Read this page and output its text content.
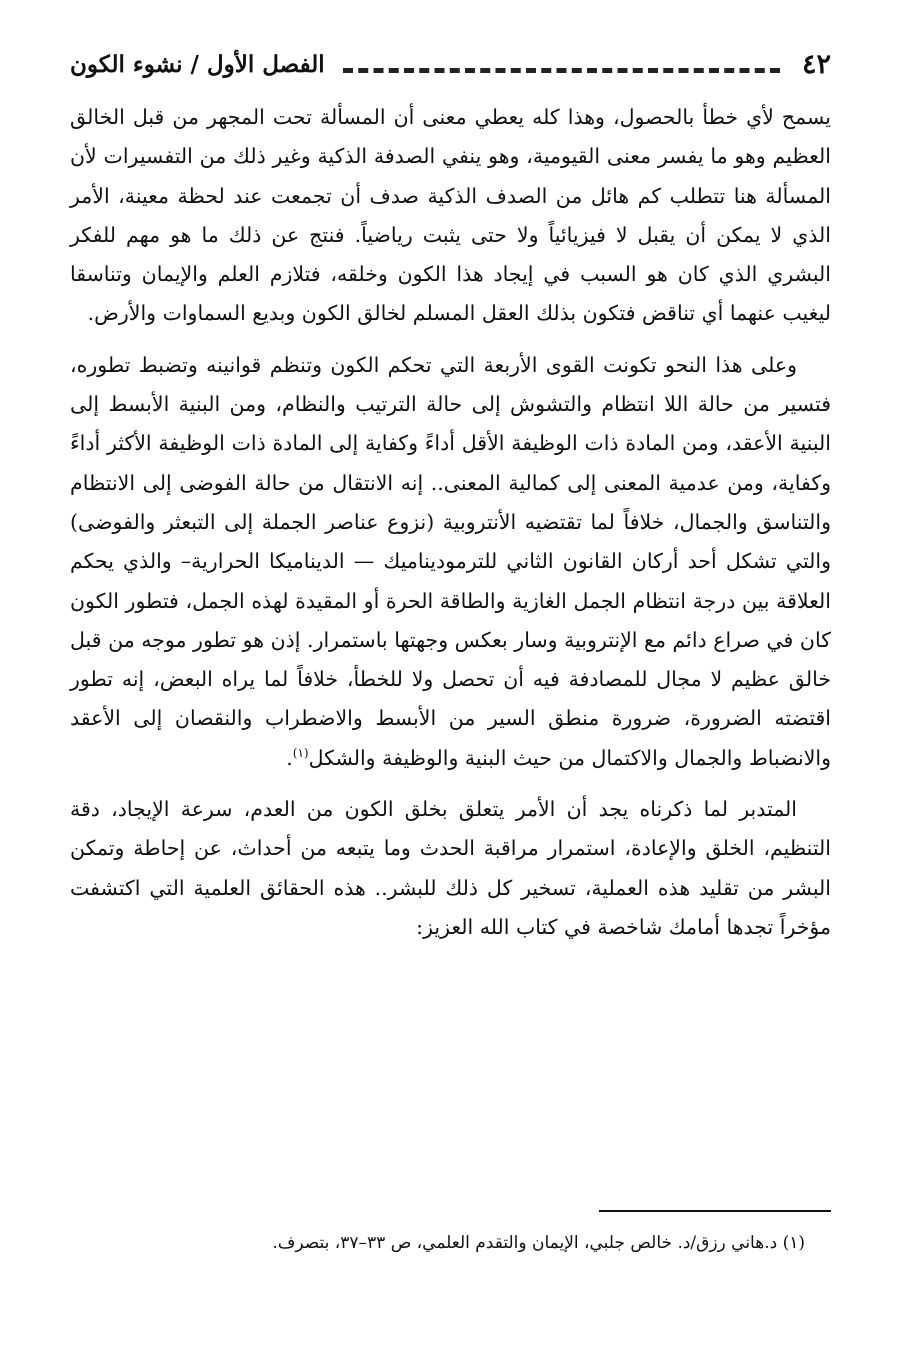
٤٢
الفصل الأول / نشوء الكون

يسمح لأي خطأ بالحصول، وهذا كله يعطي معنى أن المسألة تحت المجهر من قبل الخالق العظيم وهو ما يفسر معنى القيومية، وهو ينفي الصدفة الذكية وغير ذلك من التفسيرات لأن المسألة هنا تتطلب كم هائل من الصدف الذكية صدف أن تجمعت عند لحظة معينة، الأمر الذي لا يمكن أن يقبل لا فيزيائياً ولا حتى يثبت رياضياً. فنتج عن ذلك ما هو مهم للفكر البشري الذي كان هو السبب في إيجاد هذا الكون وخلقه، فتلازم العلم والإيمان وتناسقا ليغيب عنهما أي تناقض فتكون بذلك العقل المسلم لخالق الكون وبديع السماوات والأرض.

وعلى هذا النحو تكونت القوى الأربعة التي تحكم الكون وتنظم قوانينه وتضبط تطوره، فتسير من حالة اللا انتظام والتشوش إلى حالة الترتيب والنظام، ومن البنية الأبسط إلى البنية الأعقد، ومن المادة ذات الوظيفة الأقل أداءً وكفاية إلى المادة ذات الوظيفة الأكثر أداءً وكفاية، ومن عدمية المعنى إلى كمالية المعنى.. إنه الانتقال من حالة الفوضى إلى الانتظام والتناسق والجمال، خلافاً لما تقتضيه الأنتروبية (نزوع عناصر الجملة إلى التبعثر والفوضى) والتي تشكل أحد أركان القانون الثاني للترموديناميك — الديناميكا الحرارية– والذي يحكم العلاقة بين درجة انتظام الجمل الغازية والطاقة الحرة أو المقيدة لهذه الجمل، فتطور الكون كان في صراع دائم مع الإنتروبية وسار بعكس وجهتها باستمرار. إذن هو تطور موجه من قبل خالق عظيم لا مجال للمصادفة فيه أن تحصل ولا للخطأ، خلافاً لما يراه البعض، إنه تطور اقتضته الضرورة، ضرورة منطق السير من الأبسط والاضطراب والنقصان إلى الأعقد والانضباط والجمال والاكتمال من حيث البنية والوظيفة والشكل$^{(١)}$.

المتدبر لما ذكرناه يجد أن الأمر يتعلق بخلق الكون من العدم، سرعة الإيجاد، دقة التنظيم، الخلق والإعادة، استمرار مراقبة الحدث وما يتبعه من أحداث، عن إحاطة وتمكن البشر من تقليد هذه العملية، تسخير كل ذلك للبشر.. هذه الحقائق العلمية التي اكتشفت مؤخراً تجدها أمامك شاخصة في كتاب الله العزيز:

(١) د.هاني رزق/د. خالص جلبي، الإيمان والتقدم العلمي، ص ٣٣–٣٧، بتصرف.
